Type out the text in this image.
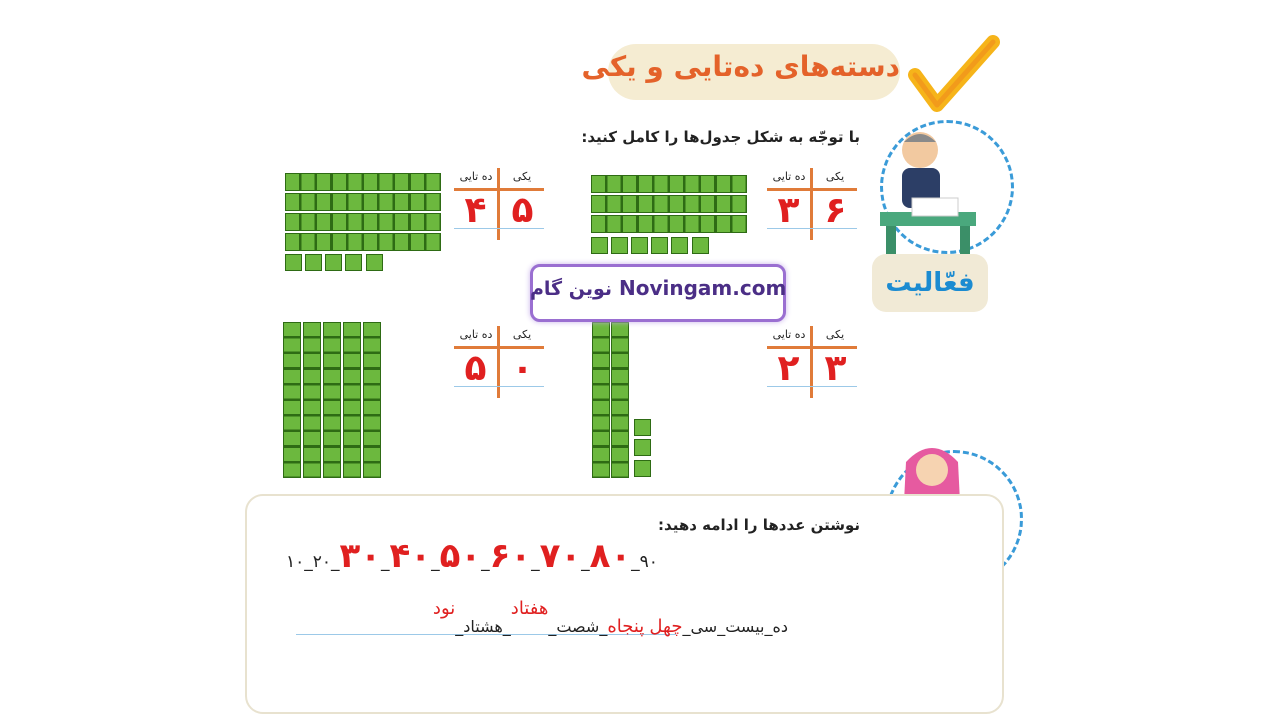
دسته‌های ده‌تایی و یکی
با توجّه به شکل جدول‌ها را کامل کنید:
فعّالیت
یکی
ده تایی
۵
۴
یکی
ده تایی
۶
۳
یکی
ده تایی
۰
۵
یکی
ده تایی
۳
۲
نوین گام Novingam.com
نوشتن عددها را ادامه دهید:
۱۰_۲۰_۳۰_۴۰_۵۰_۶۰_۷۰_۸۰_۹۰
ده_بیست_سی_چهل پنجاه_شصت_هفتاد_هشتاد_نود
